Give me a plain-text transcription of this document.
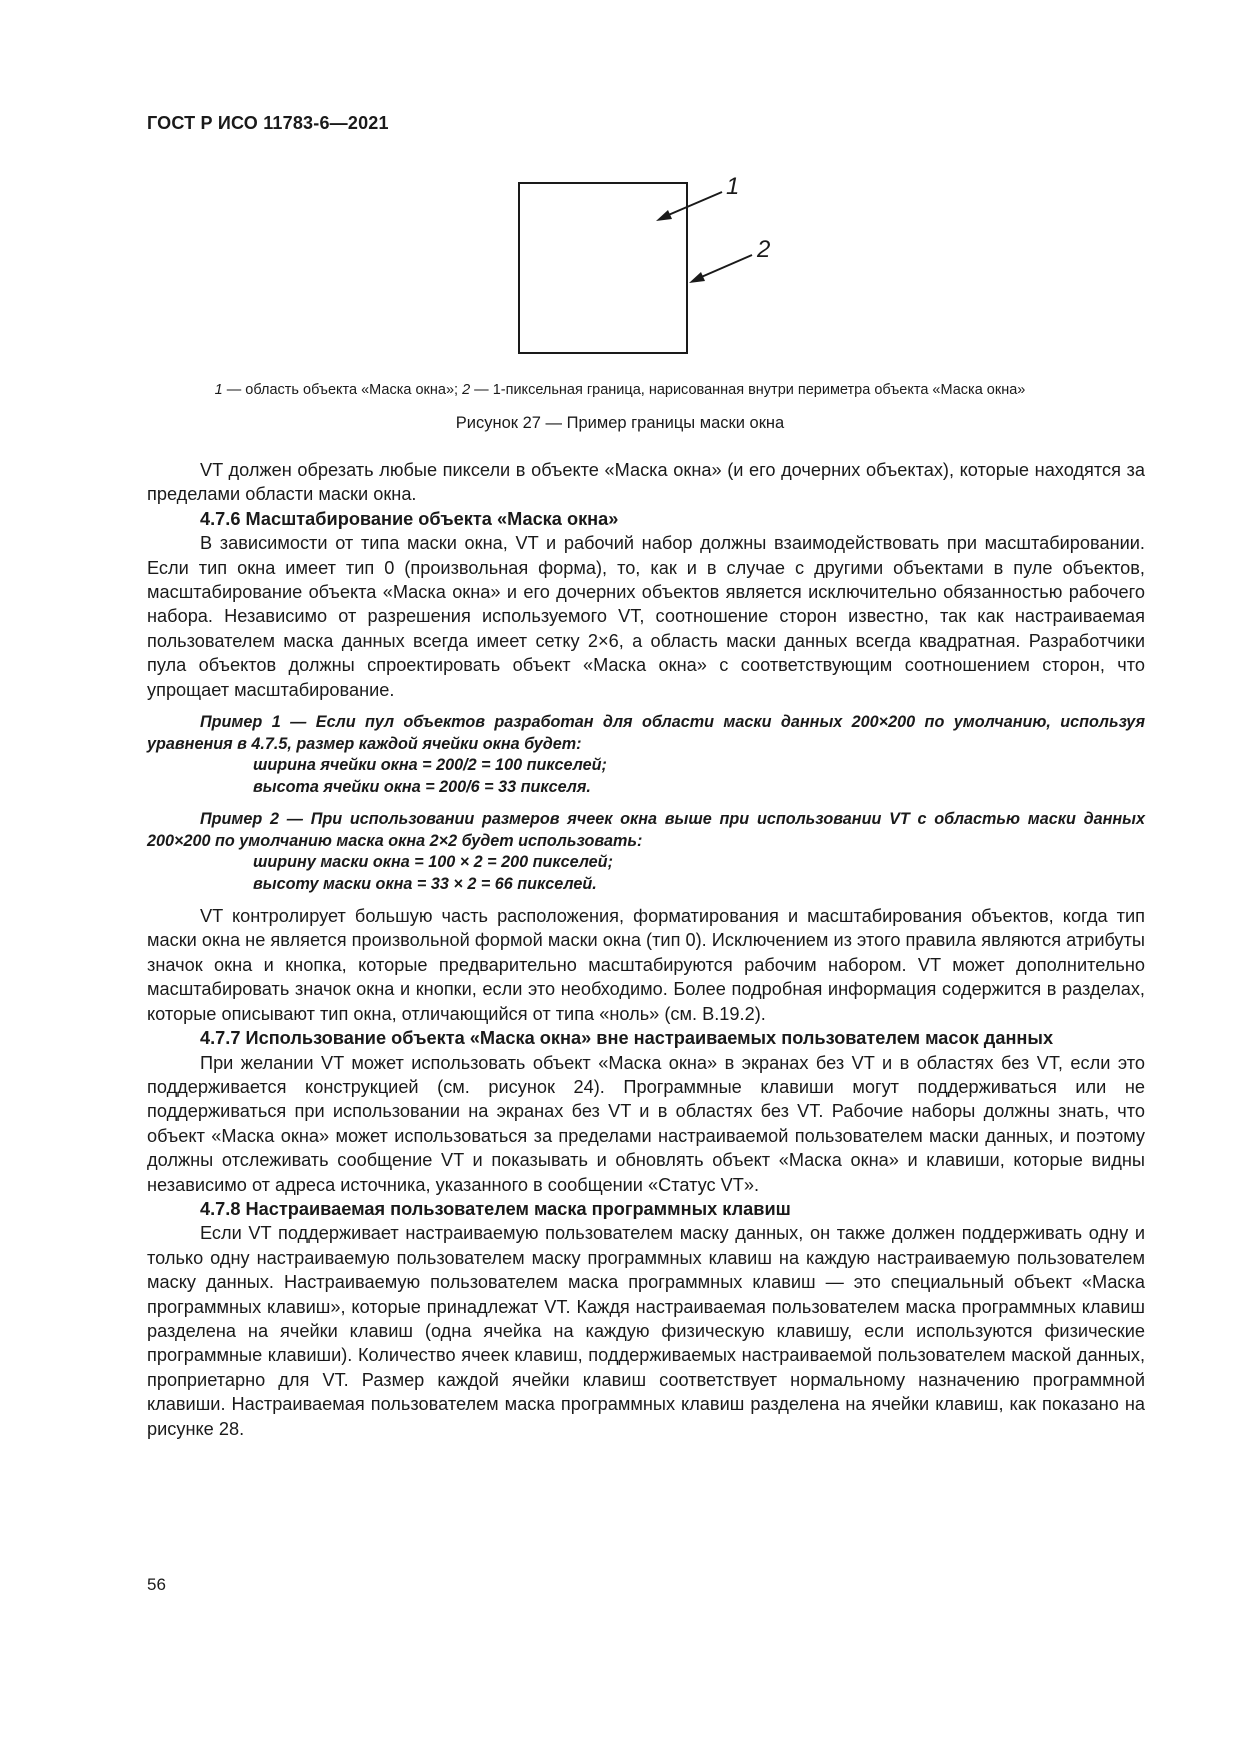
ГОСТ Р ИСО 11783-6—2021
1
2
1 — область объекта «Маска окна»; 2 — 1-пиксельная граница, нарисованная внутри периметра объекта «Маска окна»
Рисунок 27 — Пример границы маски окна

VT должен обрезать любые пиксели в объекте «Маска окна» (и его дочерних объектах), которые находятся за пределами области маски окна.

4.7.6 Масштабирование объекта «Маска окна»

В зависимости от типа маски окна, VT и рабочий набор должны взаимодействовать при масштабировании. Если тип окна имеет тип 0 (произвольная форма), то, как и в случае с другими объектами в пуле объектов, масштабирование объекта «Маска окна» и его дочерних объектов является исключительно обязанностью рабочего набора. Независимо от разрешения используемого VT, соотношение сторон известно, так как настраиваемая пользователем маска данных всегда имеет сетку 2×6, а область маски данных всегда квадратная. Разработчики пула объектов должны спроектировать объект «Маска окна» с соответствующим соотношением сторон, что упрощает масштабирование.

Пример 1 — Если пул объектов разработан для области маски данных 200×200 по умолчанию, используя уравнения в 4.7.5, размер каждой ячейки окна будет:

ширина ячейки окна = 200/2 = 100 пикселей;

высота ячейки окна = 200/6 = 33 пикселя.

Пример 2 — При использовании размеров ячеек окна выше при использовании VT с областью маски данных 200×200 по умолчанию маска окна 2×2 будет использовать:

ширину маски окна = 100 × 2 = 200 пикселей;

высоту маски окна = 33 × 2 = 66 пикселей.

VT контролирует большую часть расположения, форматирования и масштабирования объектов, когда тип маски окна не является произвольной формой маски окна (тип 0). Исключением из этого правила являются атрибуты значок окна и кнопка, которые предварительно масштабируются рабочим набором. VT может дополнительно масштабировать значок окна и кнопки, если это необходимо. Более подробная информация содержится в разделах, которые описывают тип окна, отличающийся от типа «ноль» (см. B.19.2).

4.7.7 Использование объекта «Маска окна» вне настраиваемых пользователем масок данных

При желании VT может использовать объект «Маска окна» в экранах без VT и в областях без VT, если это поддерживается конструкцией (см. рисунок 24). Программные клавиши могут поддерживаться или не поддерживаться при использовании на экранах без VT и в областях без VT. Рабочие наборы должны знать, что объект «Маска окна» может использоваться за пределами настраиваемой пользователем маски данных, и поэтому должны отслеживать сообщение VT и показывать и обновлять объект «Маска окна» и клавиши, которые видны независимо от адреса источника, указанного в сообщении «Статус VT».

4.7.8 Настраиваемая пользователем маска программных клавиш

Если VT поддерживает настраиваемую пользователем маску данных, он также должен поддерживать одну и только одну настраиваемую пользователем маску программных клавиш на каждую настраиваемую пользователем маску данных. Настраиваемую пользователем маска программных клавиш — это специальный объект «Маска программных клавиш», которые принадлежат VT. Каждя настраиваемая пользователем маска программных клавиш разделена на ячейки клавиш (одна ячейка на каждую физическую клавишу, если используются физические программные клавиши). Количество ячеек клавиш, поддерживаемых настраиваемой пользователем маской данных, проприетарно для VT. Размер каждой ячейки клавиш соответствует нормальному назначению программной клавиши. Настраиваемая пользователем маска программных клавиш разделена на ячейки клавиш, как показано на рисунке 28.

56
